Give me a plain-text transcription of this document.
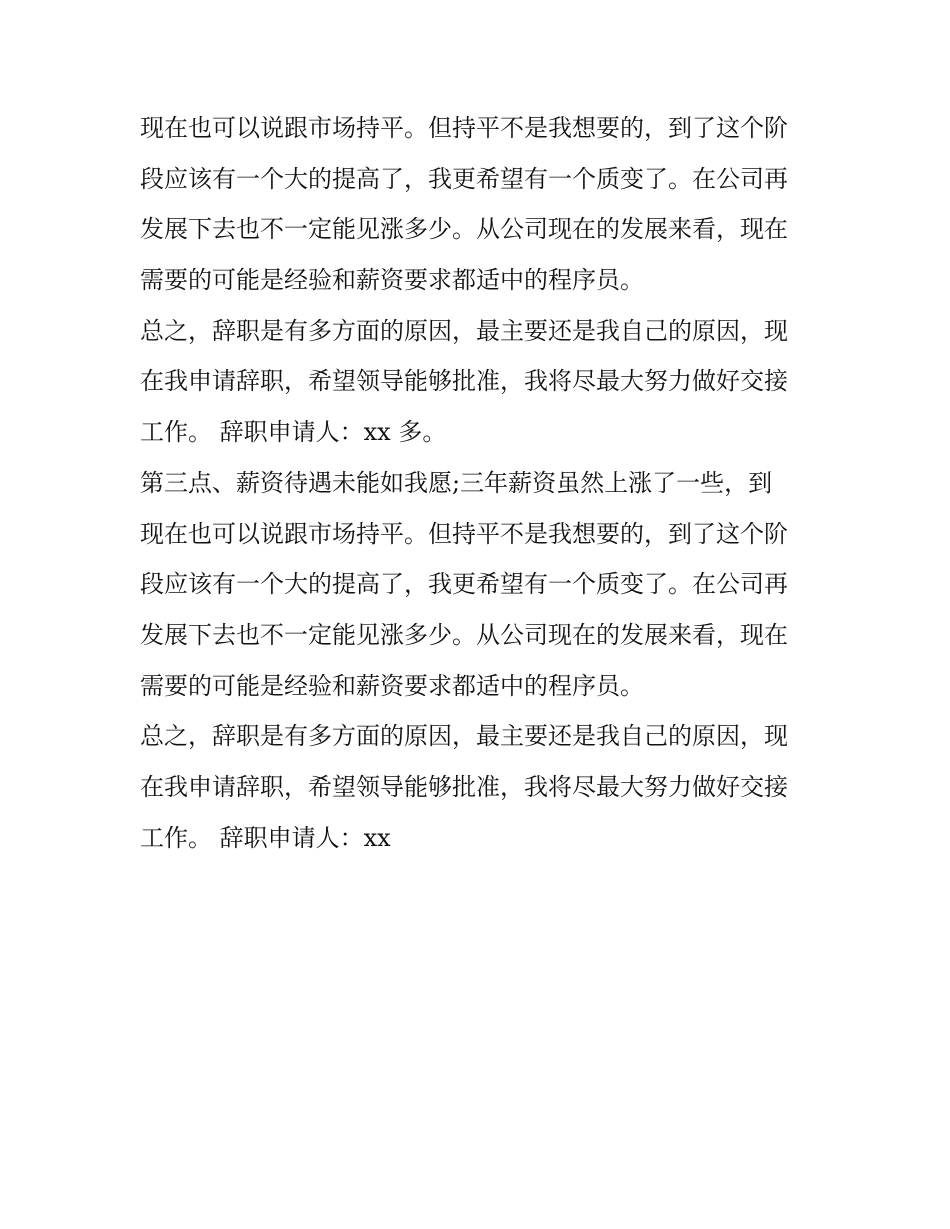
现在也可以说跟市场持平。但持平不是我想要的，到了这个阶
段应该有一个大的提高了，我更希望有一个质变了。在公司再
发展下去也不一定能见涨多少。从公司现在的发展来看，现在
需要的可能是经验和薪资要求都适中的程序员。
总之，辞职是有多方面的原因，最主要还是我自己的原因，现
在我申请辞职，希望领导能够批准，我将尽最大努力做好交接
工作。 辞职申请人：xx 多。
第三点、薪资待遇未能如我愿;三年薪资虽然上涨了一些，到
现在也可以说跟市场持平。但持平不是我想要的，到了这个阶
段应该有一个大的提高了，我更希望有一个质变了。在公司再
发展下去也不一定能见涨多少。从公司现在的发展来看，现在
需要的可能是经验和薪资要求都适中的程序员。
总之，辞职是有多方面的原因，最主要还是我自己的原因，现
在我申请辞职，希望领导能够批准，我将尽最大努力做好交接
工作。 辞职申请人：xx
